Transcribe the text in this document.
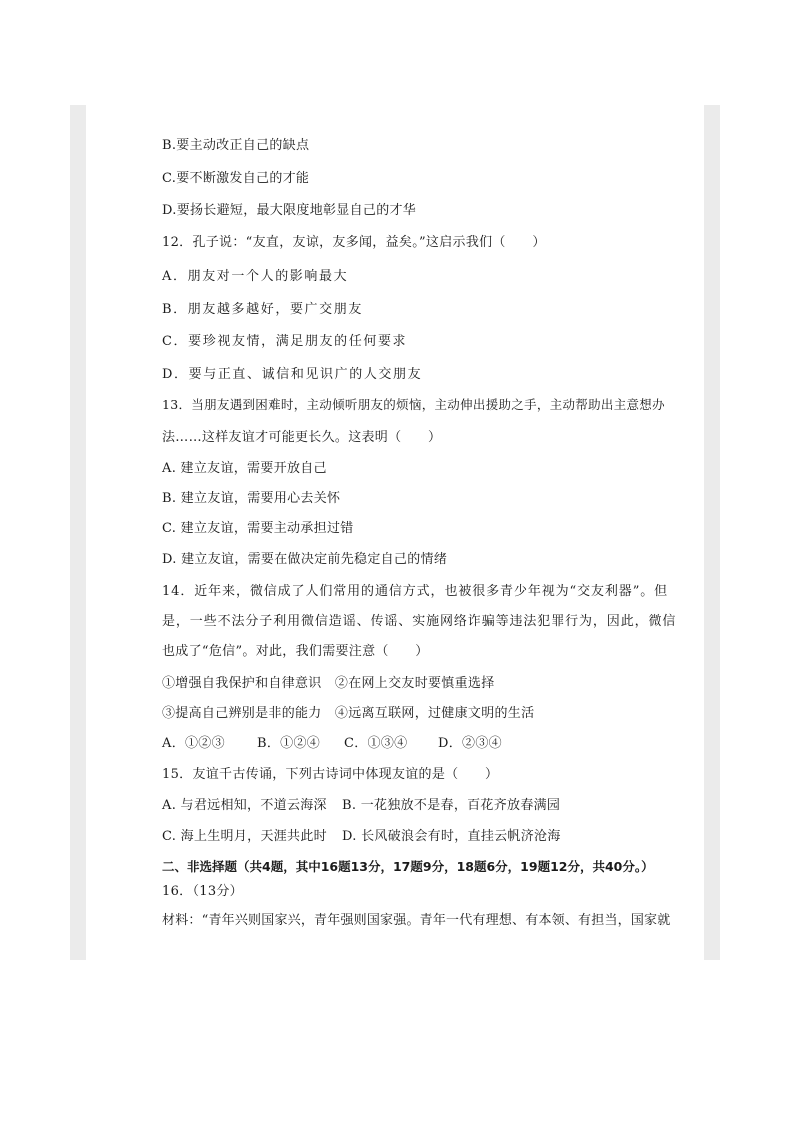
B.要主动改正自己的缺点
C.要不断激发自己的才能
D.要扬长避短，最大限度地彰显自己的才华
12．孔子说：“友直，友谅，友多闻，益矣。”这启示我们（　　）
A．朋友对一个人的影响最大
B．朋友越多越好，要广交朋友
C．要珍视友情，满足朋友的任何要求
D．要与正直、诚信和见识广的人交朋友
13．当朋友遇到困难时，主动倾听朋友的烦恼，主动伸出援助之手，主动帮助出主意想办
法……这样友谊才可能更长久。这表明（　　）
A. 建立友谊，需要开放自己
B. 建立友谊，需要用心去关怀
C. 建立友谊，需要主动承担过错
D. 建立友谊，需要在做决定前先稳定自己的情绪
14．近年来，微信成了人们常用的通信方式，也被很多青少年视为“交友利器”。但
是，一些不法分子利用微信造谣、传谣、实施网络诈骗等违法犯罪行为，因此，微信
也成了“危信”。对此，我们需要注意（　　）
①增强自我保护和自律意识　②在网上交友时要慎重选择
③提高自己辨别是非的能力　④远离互联网，过健康文明的生活
A．①②③ B．①②④ C．①③④ D．②③④
15．友谊千古传诵，下列古诗词中体现友谊的是（　　）
A. 与君远相知，不道云海深 B. 一花独放不是春，百花齐放春满园
C. 海上生明月，天涯共此时 D. 长风破浪会有时，直挂云帆济沧海
二、非选择题（共4题，其中16题13分，17题9分，18题6分，19题12分，共40分。）
16．（13分）
材料：“青年兴则国家兴，青年强则国家强。青年一代有理想、有本领、有担当，国家就
